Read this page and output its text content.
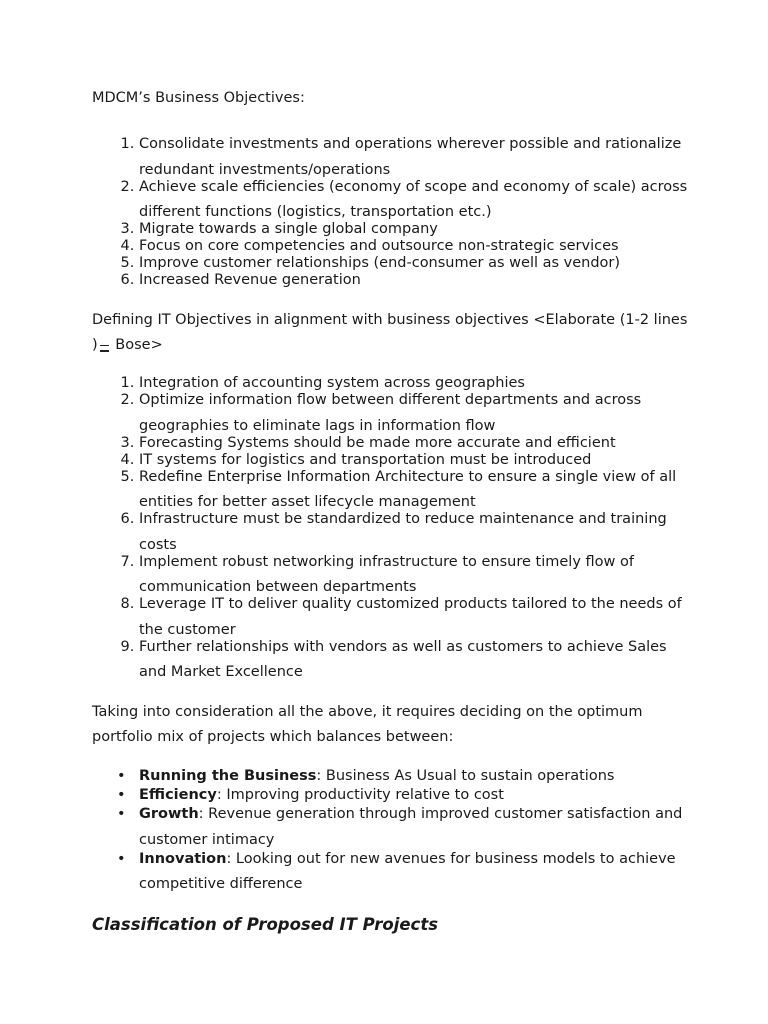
MDCM’s Business Objectives:

1. Consolidate investments and operations wherever possible and rationalize redundant investments/operations
2. Achieve scale efficiencies (economy of scope and economy of scale) across different functions (logistics, transportation etc.)
3. Migrate towards a single global company
4. Focus on core competencies and outsource non-strategic services
5. Improve customer relationships (end-consumer as well as vendor)
6. Increased Revenue generation

Defining IT Objectives in alignment with business objectives <Elaborate (1-2 lines ) Bose>

1. Integration of accounting system across geographies
2. Optimize information flow between different departments and across geographies to eliminate lags in information flow
3. Forecasting Systems should be made more accurate and efficient
4. IT systems for logistics and transportation must be introduced
5. Redefine Enterprise Information Architecture to ensure a single view of all entities for better asset lifecycle management
6. Infrastructure must be standardized to reduce maintenance and training costs
7. Implement robust networking infrastructure to ensure timely flow of communication between departments
8. Leverage IT to deliver quality customized products tailored to the needs of the customer
9. Further relationships with vendors as well as customers to achieve Sales and Market Excellence

Taking into consideration all the above, it requires deciding on the optimum portfolio mix of projects which balances between:

• Running the Business: Business As Usual to sustain operations
• Efficiency: Improving productivity relative to cost
• Growth: Revenue generation through improved customer satisfaction and customer intimacy
• Innovation: Looking out for new avenues for business models to achieve competitive difference
Classification of Proposed IT Projects
